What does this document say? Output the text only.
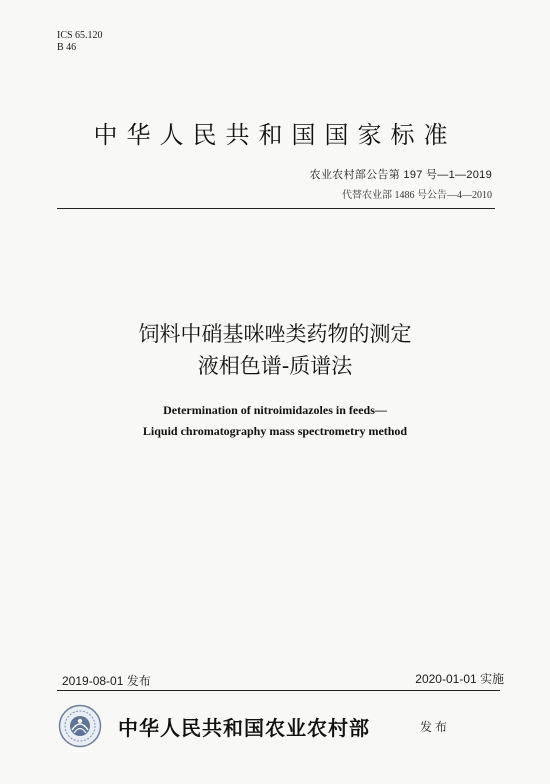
ICS 65.120
B 46
中华人民共和国国家标准
农业农村部公告第 197 号—1—2019
代替农业部 1486 号公告—4—2010
饲料中硝基咪唑类药物的测定
液相色谱-质谱法
Determination of nitroimidazoles in feeds—
Liquid chromatography mass spectrometry method
2019-08-01 发布	2020-01-01 实施
中华人民共和国农业农村部	发布
